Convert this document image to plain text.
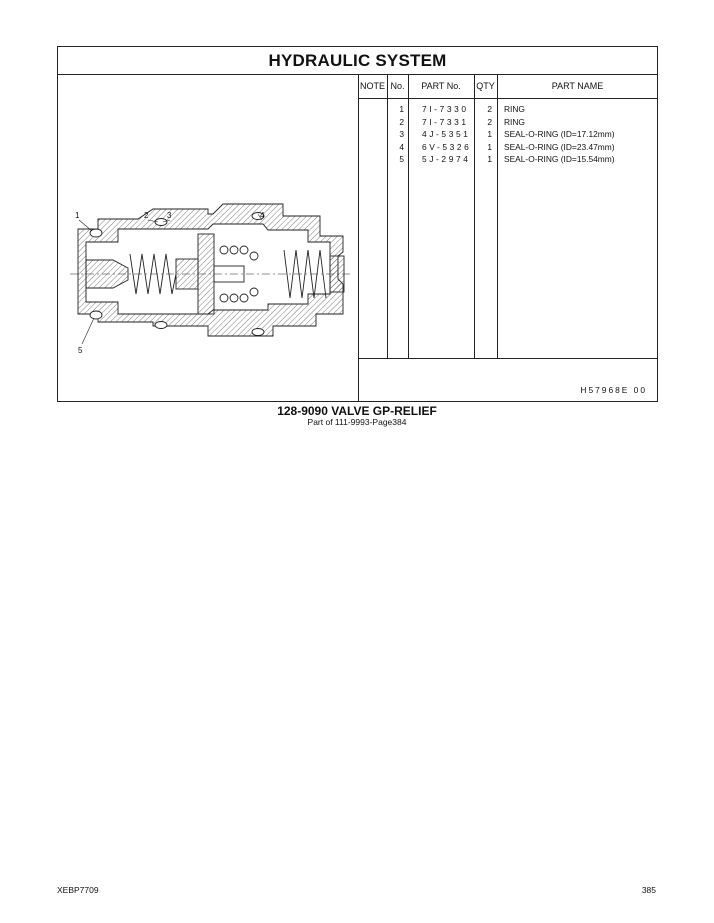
HYDRAULIC SYSTEM
NOTE No.	PART No.	QTY	PART NAME
1 7I-7330	2 RING
2 7I-7331	2 RING
3 4J-5351	1 SEAL-O-RING (ID=17.12mm)
4 6V-5326	1 SEAL-O-RING (ID=23.47mm)
5 5J-2974	1 SEAL-O-RING (ID=15.54mm)
H57968E 00
1	2 3	4
5
128-9090 VALVE GP-RELIEF
Part of 111-9993-Page384
XEBP7709	385
